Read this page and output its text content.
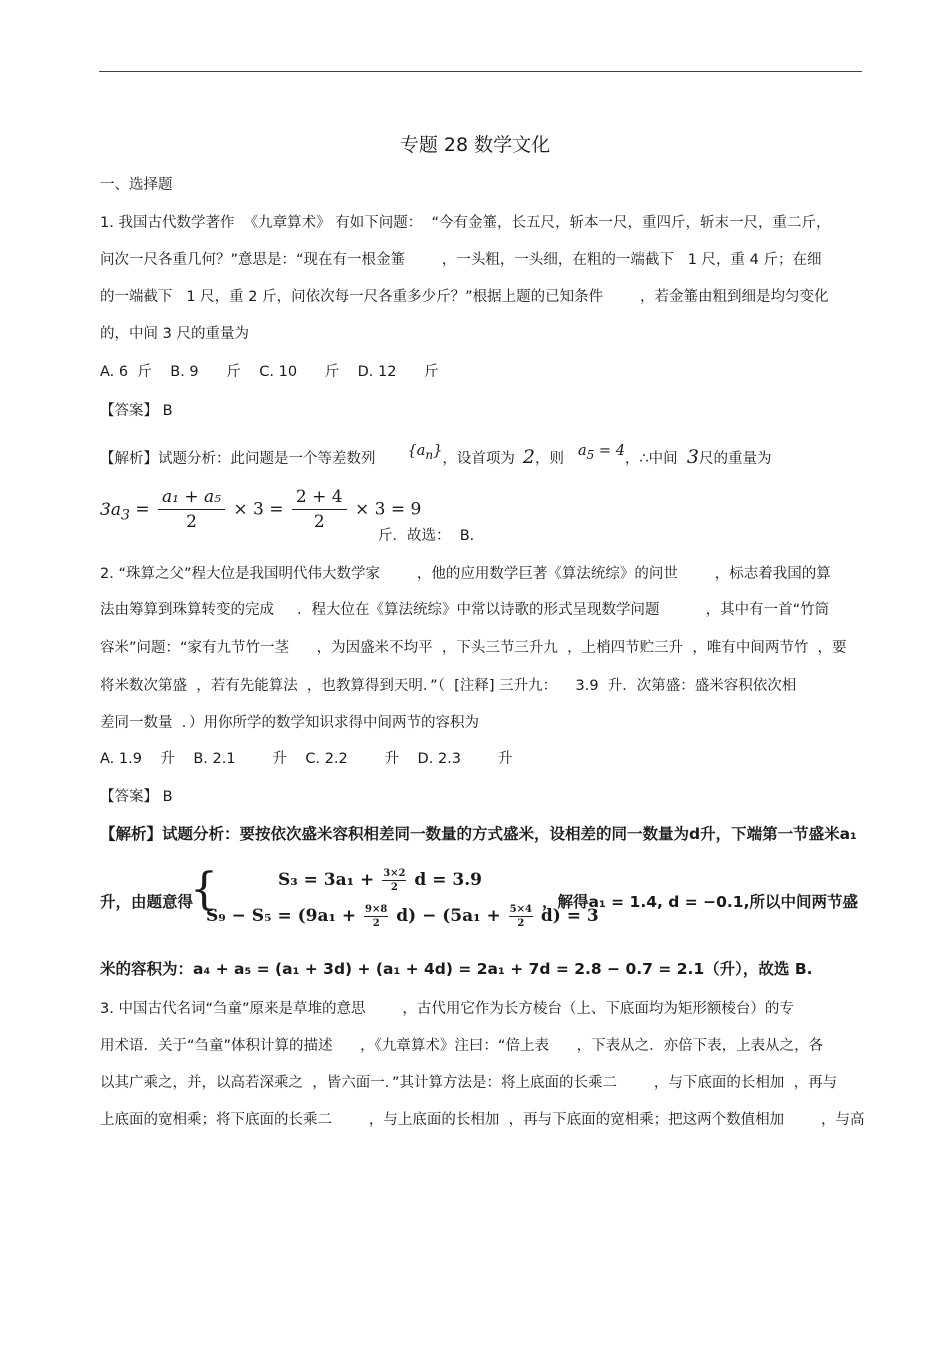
专题 28 数学文化
一、选择题
1. 我国古代数学著作  《九章算术》 有如下问题：  “今有金箠，长五尺，斩本一尺，重四斤，斩末一尺，重二斤，
问次一尺各重几何？”意思是：“现在有一根金箠        ，一头粗，一头细，在粗的一端截下   1 尺，重 4 斤；在细
的一端截下   1 尺，重 2 斤，问依次每一尺各重多少斤？”根据上题的已知条件        ，若金箠由粗到细是均匀变化
的，中间 3 尺的重量为
A. 6  斤    B. 9      斤    C. 10      斤    D. 12      斤
【答案】 B
【解析】试题分析：此问题是一个等差数列 $\{a_n\}$，设首项为 2，则 $a_5 = 4$，∴中间  3尺的重量为
$3a_3 = \frac{\text{a₁ + a₅}}{2} \times 3 = \frac{2 + 4}{2} \times 3 = 9$
斤．故选：  B．
2. “珠算之父”程大位是我国明代伟大数学家        ，他的应用数学巨著《算法统综》的问世        ，标志着我国的算
法由筹算到珠算转变的完成     ．程大位在《算法统综》中常以诗歌的形式呈现数学问题          ，其中有一首“竹筒
容米”问题：“家有九节竹一茎      ，为因盛米不均平  ，下头三节三升九  ，上梢四节贮三升  ，唯有中间两节竹  ，要
将米数次第盛  ，若有先能算法  ，也教算得到天明．”（  [注释] 三升九：    3.9  升．次第盛：盛米容积依次相
差同一数量  ．）用你所学的数学知识求得中间两节的容积为
A. 1.9    升    B. 2.1        升    C. 2.2        升    D. 2.3        升
【答案】 B
【解析】试题分析：要按依次盛米容积相差同一数量的方式盛米，设相差的同一数量为d升，下端第一节盛米a₁
升，由题意得
{	$S_3 = 3a_1 + \frac{3\times 2}{2}$ d = 3.9
$S_9 - S_5 = (9a_1 + \frac{9\times 8}{2} d) - (5a_1 + \frac{5\times 4}{2} d) = 3$
，解得a₁ = 1.4, d = −0.1,所以中间两节盛
米的容积为：a₄ + a₅ = (a₁ + 3d) + (a₁ + 4d) = 2a₁ + 7d = 2.8 − 0.7 = 2.1（升），故选 B.
3. 中国古代名词“刍童”原来是草堆的意思        ，古代用它作为长方棱台（上、下底面均为矩形额棱台）的专
用术语．关于“刍童”体积计算的描述      ，《九章算术》注曰：“倍上表      ，下表从之．亦倍下表，上表从之，各
以其广乘之，并，以高若深乘之  ，皆六面一．”其计算方法是：将上底面的长乘二        ，与下底面的长相加  ，再与
上底面的宽相乘；将下底面的长乘二        ，与上底面的长相加  ，再与下底面的宽相乘；把这两个数值相加        ，与高
